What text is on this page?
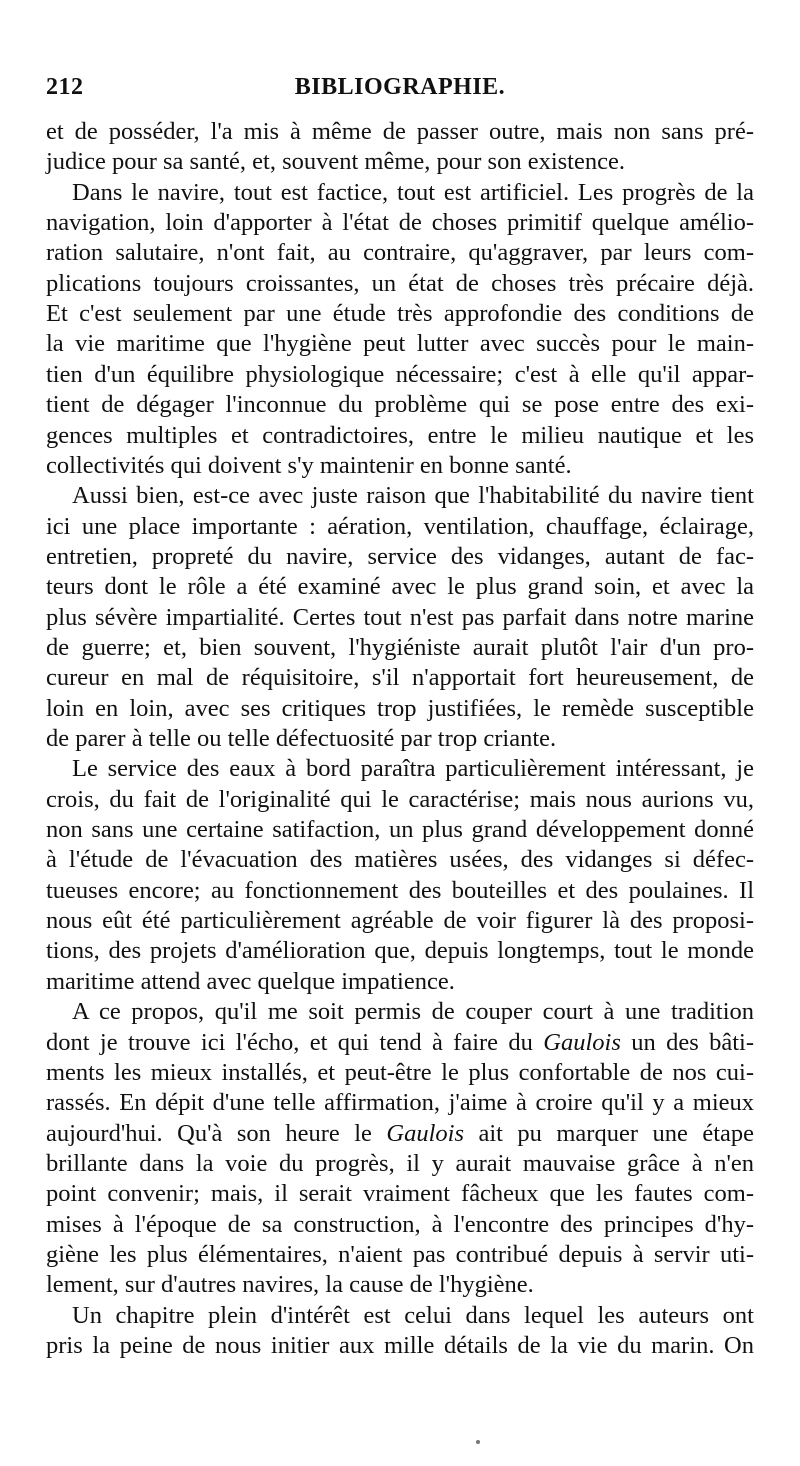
212	BIBLIOGRAPHIE.
et de posséder, l'a mis à même de passer outre, mais non sans pré-
judice pour sa santé, et, souvent même, pour son existence.
Dans le navire, tout est factice, tout est artificiel. Les progrès de la
navigation, loin d'apporter à l'état de choses primitif quelque amélio-
ration salutaire, n'ont fait, au contraire, qu'aggraver, par leurs com-
plications toujours croissantes, un état de choses très précaire déjà.
Et c'est seulement par une étude très approfondie des conditions de
la vie maritime que l'hygiène peut lutter avec succès pour le main-
tien d'un équilibre physiologique nécessaire; c'est à elle qu'il appar-
tient de dégager l'inconnue du problème qui se pose entre des exi-
gences multiples et contradictoires, entre le milieu nautique et les
collectivités qui doivent s'y maintenir en bonne santé.
Aussi bien, est-ce avec juste raison que l'habitabilité du navire tient
ici une place importante : aération, ventilation, chauffage, éclairage,
entretien, propreté du navire, service des vidanges, autant de fac-
teurs dont le rôle a été examiné avec le plus grand soin, et avec la
plus sévère impartialité. Certes tout n'est pas parfait dans notre marine
de guerre; et, bien souvent, l'hygiéniste aurait plutôt l'air d'un pro-
cureur en mal de réquisitoire, s'il n'apportait fort heureusement, de
loin en loin, avec ses critiques trop justifiées, le remède susceptible
de parer à telle ou telle défectuosité par trop criante.
Le service des eaux à bord paraîtra particulièrement intéressant, je
crois, du fait de l'originalité qui le caractérise; mais nous aurions vu,
non sans une certaine satifaction, un plus grand développement donné
à l'étude de l'évacuation des matières usées, des vidanges si défec-
tueuses encore; au fonctionnement des bouteilles et des poulaines. Il
nous eût été particulièrement agréable de voir figurer là des proposi-
tions, des projets d'amélioration que, depuis longtemps, tout le monde
maritime attend avec quelque impatience.
A ce propos, qu'il me soit permis de couper court à une tradition
dont je trouve ici l'écho, et qui tend à faire du Gaulois un des bâti-
ments les mieux installés, et peut-être le plus confortable de nos cui-
rassés. En dépit d'une telle affirmation, j'aime à croire qu'il y a mieux
aujourd'hui. Qu'à son heure le Gaulois ait pu marquer une étape
brillante dans la voie du progrès, il y aurait mauvaise grâce à n'en
point convenir; mais, il serait vraiment fâcheux que les fautes com-
mises à l'époque de sa construction, à l'encontre des principes d'hy-
giène les plus élémentaires, n'aient pas contribué depuis à servir uti-
lement, sur d'autres navires, la cause de l'hygiène.
Un chapitre plein d'intérêt est celui dans lequel les auteurs ont
pris la peine de nous initier aux mille détails de la vie du marin. On
